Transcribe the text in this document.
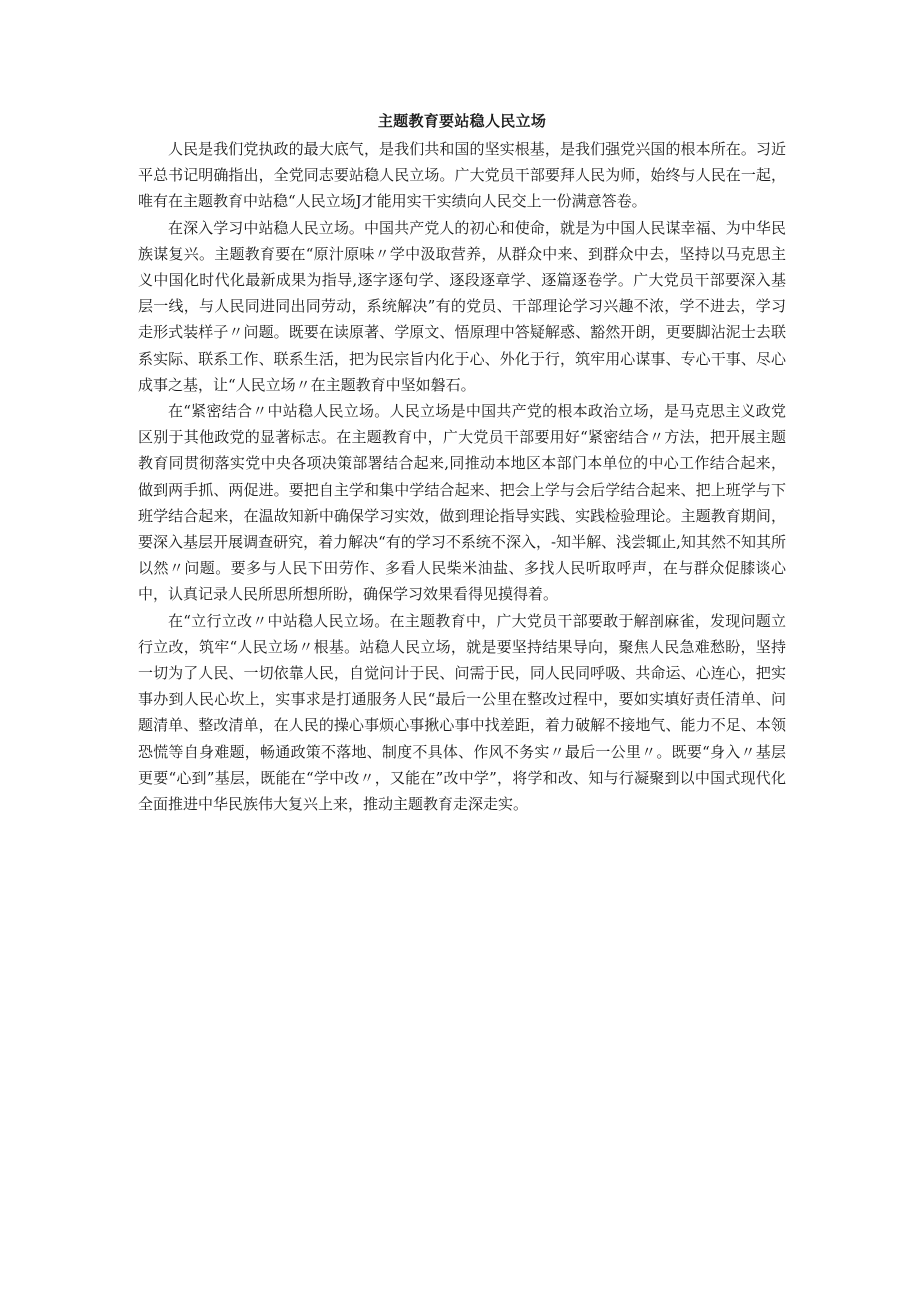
主题教育要站稳人民立场

人民是我们党执政的最大底气，是我们共和国的坚实根基，是我们强党兴国的根本所在。习近平总书记明确指出，全党同志要站稳人民立场。广大党员干部要拜人民为师，始终与人民在一起，唯有在主题教育中站稳“人民立场J才能用实干实绩向人民交上一份满意答卷。

在深入学习中站稳人民立场。中国共产党人的初心和使命，就是为中国人民谋幸福、为中华民族谋复兴。主题教育要在“原汁原味〃学中汲取营养，从群众中来、到群众中去，坚持以马克思主义中国化时代化最新成果为指导,逐字逐句学、逐段逐章学、逐篇逐卷学。广大党员干部要深入基层一线，与人民同进同出同劳动，系统解决”有的党员、干部理论学习兴趣不浓，学不进去，学习走形式装样子〃问题。既要在读原著、学原文、悟原理中答疑解惑、豁然开朗，更要脚沾泥士去联系实际、联系工作、联系生活，把为民宗旨内化于心、外化于行，筑牢用心谋事、专心干事、尽心成事之基，让“人民立场〃在主题教育中坚如磐石。

在“紧密结合〃中站稳人民立场。人民立场是中国共产党的根本政治立场，是马克思主义政党区别于其他政党的显著标志。在主题教育中，广大党员干部要用好“紧密结合〃方法，把开展主题教育同贯彻落实党中央各项决策部署结合起来,同推动本地区本部门本单位的中心工作结合起来，做到两手抓、两促进。要把自主学和集中学结合起来、把会上学与会后学结合起来、把上班学与下班学结合起来，在温故知新中确保学习实效，做到理论指导实践、实践检验理论。主题教育期间，要深入基层开展调查研究，着力解决“有的学习不系统不深入，-知半解、浅尝辄止,知其然不知其所以然〃问题。要多与人民下田劳作、多看人民柴米油盐、多找人民听取呼声，在与群众促膝谈心中，认真记录人民所思所想所盼，确保学习效果看得见摸得着。

在“立行立改〃中站稳人民立场。在主题教育中，广大党员干部要敢于解剖麻雀，发现问题立行立改，筑牢“人民立场〃根基。站稳人民立场，就是要坚持结果导向，聚焦人民急难愁盼，坚持一切为了人民、一切依靠人民，自觉问计于民、问需于民，同人民同呼吸、共命运、心连心，把实事办到人民心坎上，实事求是打通服务人民“最后一公里在整改过程中，要如实填好责任清单、问题清单、整改清单，在人民的操心事烦心事揪心事中找差距，着力破解不接地气、能力不足、本领恐慌等自身难题，畅通政策不落地、制度不具体、作风不务实〃最后一公里〃。既要“身入〃基层更要“心到”基层，既能在“学中改〃，又能在”改中学”，将学和改、知与行凝聚到以中国式现代化全面推进中华民族伟大复兴上来，推动主题教育走深走实。
